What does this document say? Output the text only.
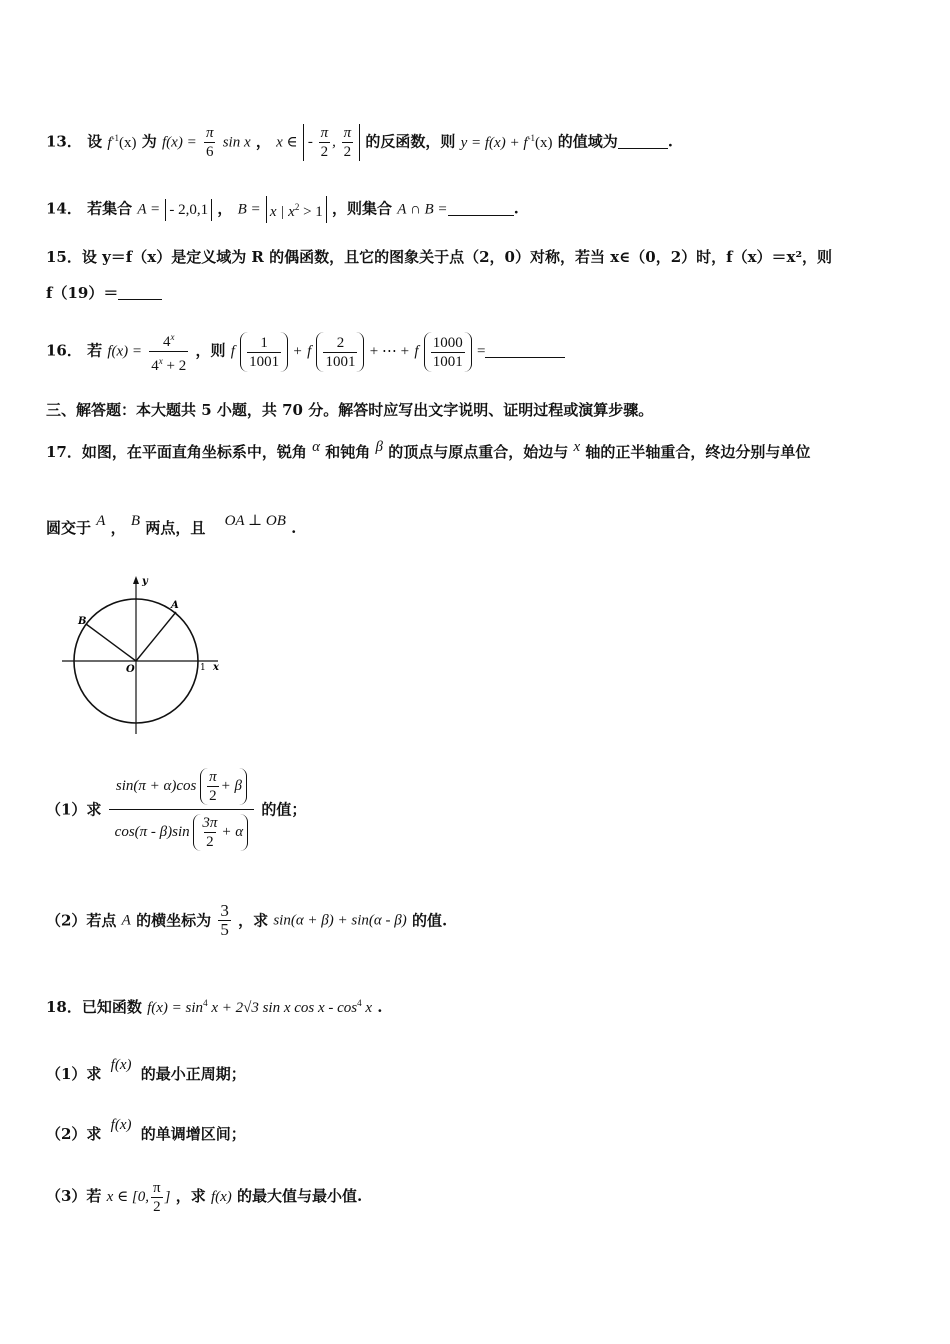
13． 设 $f^{-1}(x)$ 为 $f(x) = \frac{\pi}{6}$ sin x ， x ∈ - $\frac{\pi}{2}$ , $\frac{\pi}{2}$ 的反函数，则 $y = f(x) + f^{-1}(x)$ 的值域为	.
14． 若集合 A = - 2,0,1 ， B = x | $x^2 > 1$ ，则集合 A ∩ B =	.
15．设 y＝f（x）是定义域为 R 的偶函数，且它的图象关于点（2，0）对称，若当 x∈（0，2）时，f（x）＝x²，则
f（19）＝
16． 若 $f(x) = \frac{4^x}{4^x + 2}$ ，则 f $\frac{1}{1001} + f \frac{2}{1001}$ + ⋯ + f $\frac{1000}{1001}$ =
三、解答题：本大题共 5 小题，共 70 分。解答时应写出文字说明、证明过程或演算步骤。
17．如图，在平面直角坐标系中，锐角 α 和钝角 β 的顶点与原点重合，始边与 x 轴的正半轴重合，终边分别与单位
圆交于 A ， B 两点，且 OA ⊥ OB .
y
x
A
B
O	1
（1）求 $\frac{\sin(\pi + \alpha)\cos \frac{\pi}{2} + \beta}{\cos(\pi - \beta)\sin \frac{3\pi}{2} + \alpha}$ 的值；
（2）若点 A 的横坐标为 $\frac{3}{5}$ ，求 sin(α + β) + sin(α - β) 的值.
18．已知函数 $f(x) = \sin^4 x + 2√3$ sin x cos x - $\cos^4 x$ .
（1）求 f(x) 的最小正周期；
（2）求 f(x) 的单调增区间；
（3）若 x ∈ [0, $\frac{\pi}{2}$ ] ，求 f(x) 的最大值与最小值.
